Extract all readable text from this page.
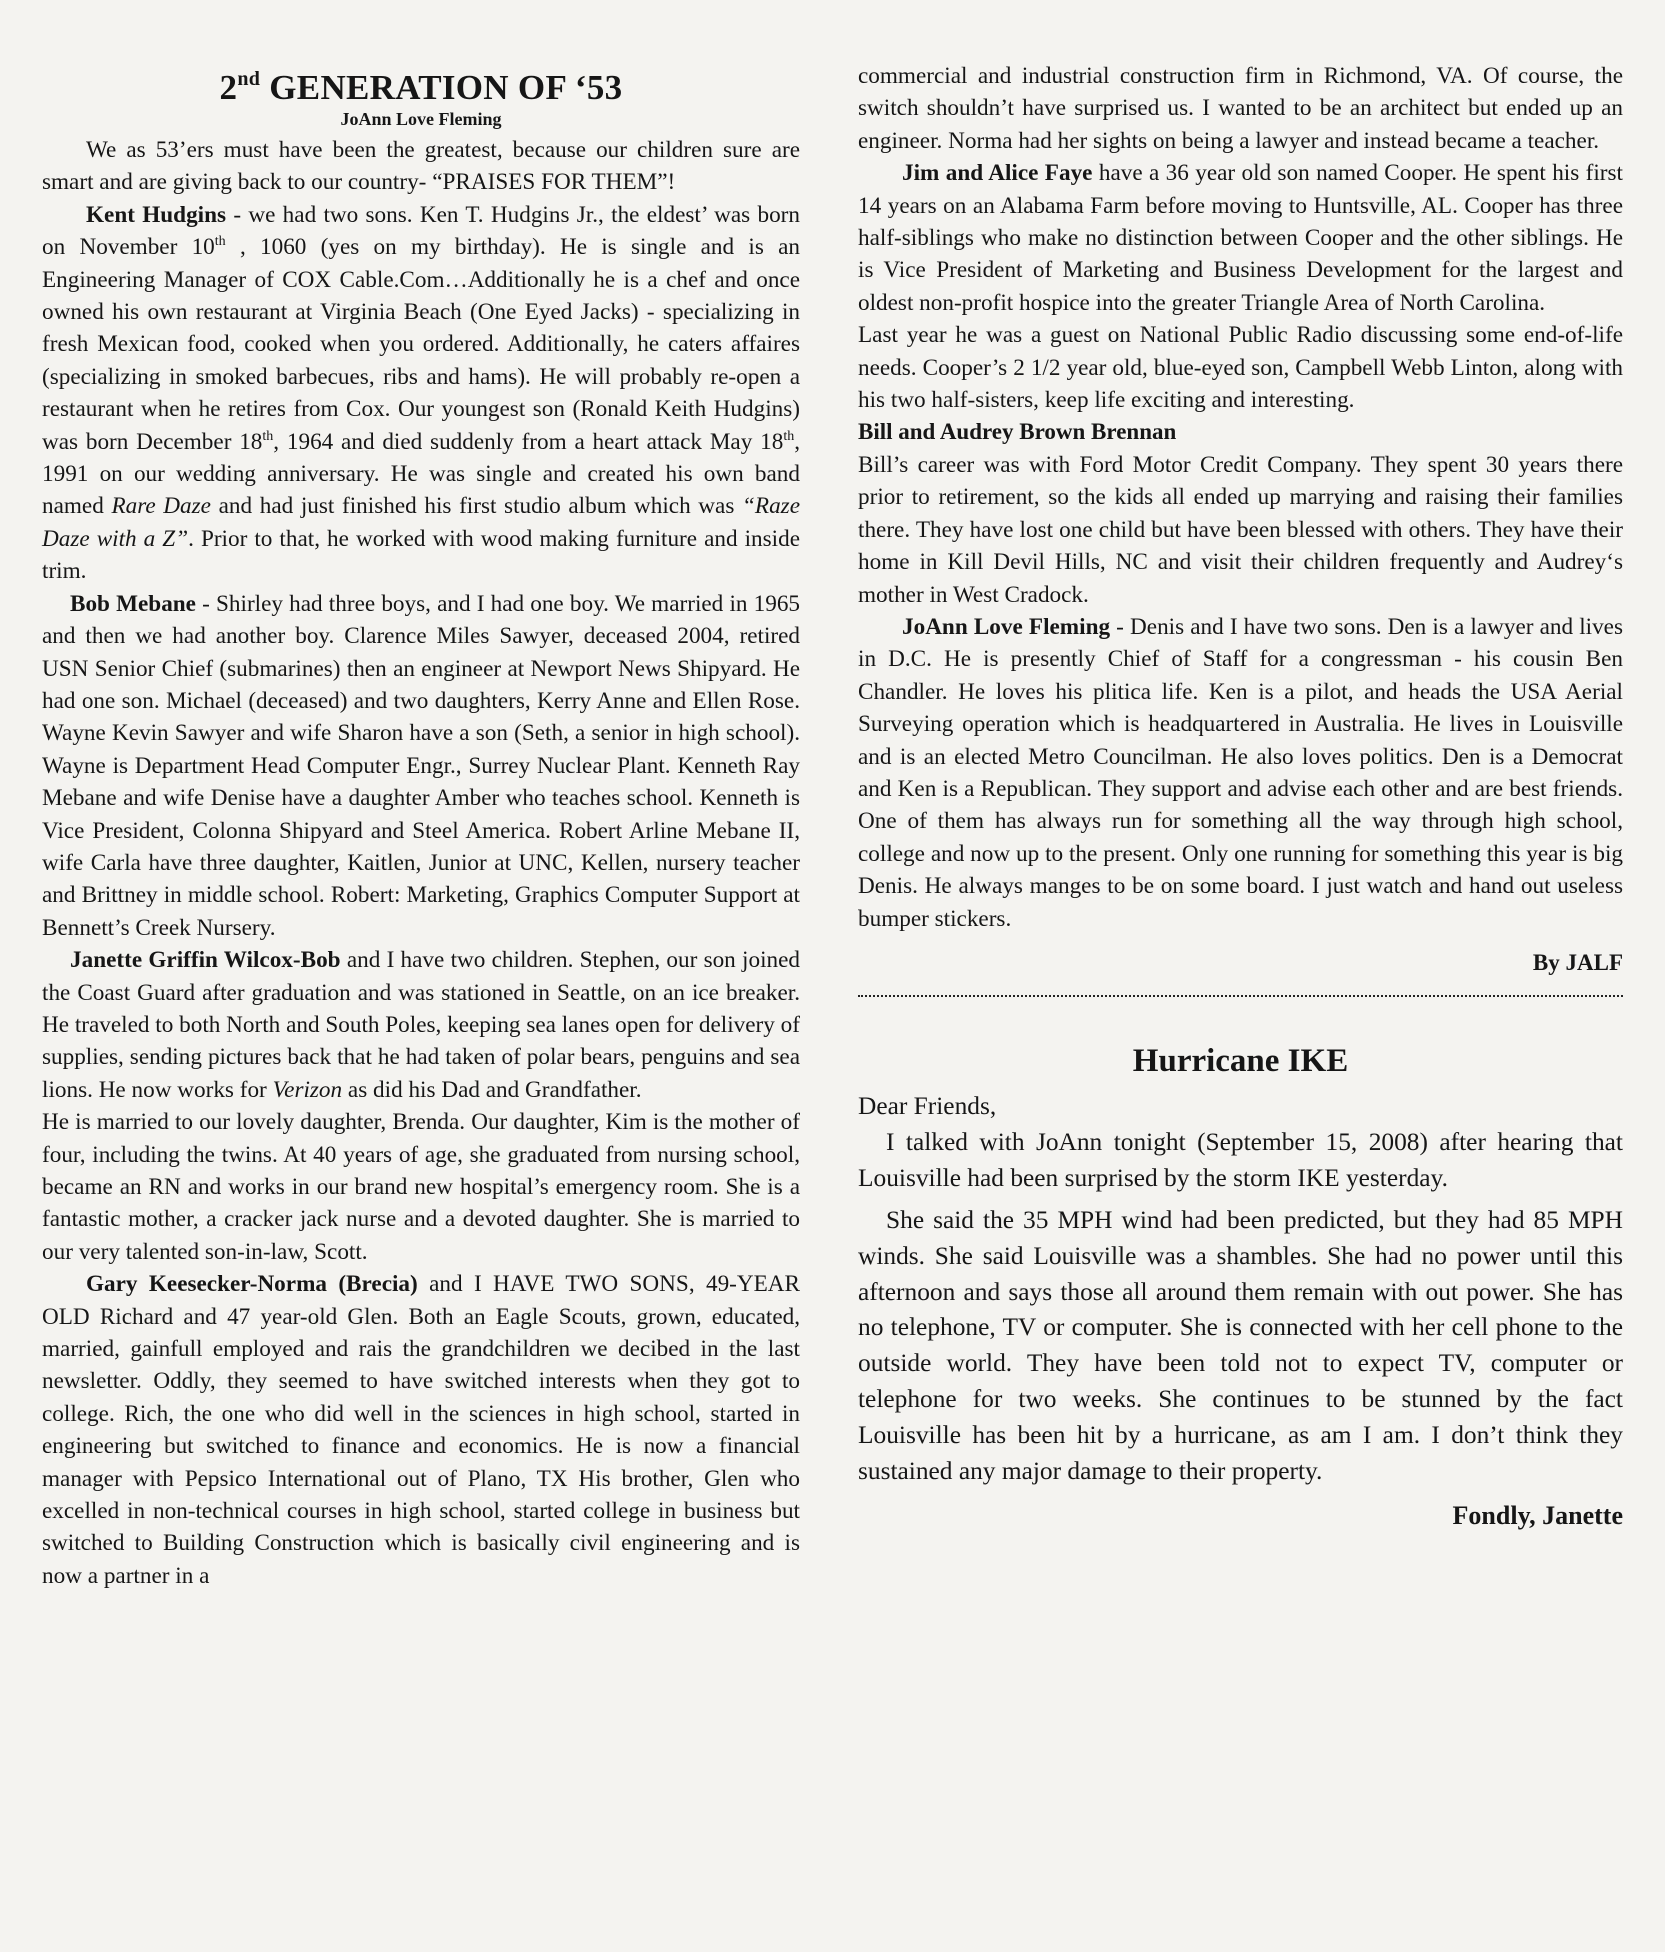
2nd GENERATION OF ‘53
JoAnn Love Fleming

We as 53’ers must have been the greatest, because our children sure are smart and are giving back to our country- “PRAISES FOR THEM”!

Kent Hudgins - we had two sons. Ken T. Hudgins Jr., the eldest’ was born on November 10th , 1060 (yes on my birthday). He is single and is an Engineering Manager of COX Cable.Com…Additionally he is a chef and once owned his own restaurant at Virginia Beach (One Eyed Jacks) - specializing in fresh Mexican food, cooked when you ordered. Additionally, he caters affaires (specializing in smoked barbecues, ribs and hams). He will probably re-open a restaurant when he retires from Cox. Our youngest son (Ronald Keith Hudgins) was born December 18th, 1964 and died suddenly from a heart attack May 18th, 1991 on our wedding anniversary. He was single and created his own band named Rare Daze and had just finished his first studio album which was “Raze Daze with a Z”. Prior to that, he worked with wood making furniture and inside trim.

Bob Mebane - Shirley had three boys, and I had one boy. We married in 1965 and then we had another boy. Clarence Miles Sawyer, deceased 2004, retired USN Senior Chief (submarines) then an engineer at Newport News Shipyard. He had one son. Michael (deceased) and two daughters, Kerry Anne and Ellen Rose. Wayne Kevin Sawyer and wife Sharon have a son (Seth, a senior in high school). Wayne is Department Head Computer Engr., Surrey Nuclear Plant. Kenneth Ray Mebane and wife Denise have a daughter Amber who teaches school. Kenneth is Vice President, Colonna Shipyard and Steel America. Robert Arline Mebane II, wife Carla have three daughter, Kaitlen, Junior at UNC, Kellen, nursery teacher and Brittney in middle school. Robert: Marketing, Graphics Computer Support at Bennett’s Creek Nursery.

Janette Griffin Wilcox-Bob and I have two children. Stephen, our son joined the Coast Guard after graduation and was stationed in Seattle, on an ice breaker. He traveled to both North and South Poles, keeping sea lanes open for delivery of supplies, sending pictures back that he had taken of polar bears, penguins and sea lions. He now works for Verizon as did his Dad and Grandfather.

He is married to our lovely daughter, Brenda. Our daughter, Kim is the mother of four, including the twins. At 40 years of age, she graduated from nursing school, became an RN and works in our brand new hospital’s emergency room. She is a fantastic mother, a cracker jack nurse and a devoted daughter. She is married to our very talented son-in-law, Scott.

Gary Keesecker-Norma (Brecia) and I HAVE TWO SONS, 49-YEAR OLD Richard and 47 year-old Glen. Both an Eagle Scouts, grown, educated, married, gainfull employed and rais the grandchildren we decibed in the last newsletter. Oddly, they seemed to have switched interests when they got to college. Rich, the one who did well in the sciences in high school, started in engineering but switched to finance and economics. He is now a financial manager with Pepsico International out of Plano, TX His brother, Glen who excelled in non-technical courses in high school, started college in business but switched to Building Construction which is basically civil engineering and is now a partner in a

commercial and industrial construction firm in Richmond, VA. Of course, the switch shouldn’t have surprised us. I wanted to be an architect but ended up an engineer. Norma had her sights on being a lawyer and instead became a teacher.

Jim and Alice Faye have a 36 year old son named Cooper. He spent his first 14 years on an Alabama Farm before moving to Huntsville, AL. Cooper has three half-siblings who make no distinction between Cooper and the other siblings. He is Vice President of Marketing and Business Development for the largest and oldest non-profit hospice into the greater Triangle Area of North Carolina.

Last year he was a guest on National Public Radio discussing some end-of-life needs. Cooper’s 2 1/2 year old, blue-eyed son, Campbell Webb Linton, along with his two half-sisters, keep life exciting and interesting.

Bill and Audrey Brown Brennan

Bill’s career was with Ford Motor Credit Company. They spent 30 years there prior to retirement, so the kids all ended up marrying and raising their families there. They have lost one child but have been blessed with others. They have their home in Kill Devil Hills, NC and visit their children frequently and Audrey‘s mother in West Cradock.

JoAnn Love Fleming - Denis and I have two sons. Den is a lawyer and lives in D.C. He is presently Chief of Staff for a congressman - his cousin Ben Chandler. He loves his plitica life. Ken is a pilot, and heads the USA Aerial Surveying operation which is headquartered in Australia. He lives in Louisville and is an elected Metro Councilman. He also loves politics. Den is a Democrat and Ken is a Republican. They support and advise each other and are best friends. One of them has always run for something all the way through high school, college and now up to the present. Only one running for something this year is big Denis. He always manges to be on some board. I just watch and hand out useless bumper stickers.

By JALF
Hurricane IKE

Dear Friends,

I talked with JoAnn tonight (September 15, 2008) after hearing that Louisville had been surprised by the storm IKE yesterday.

She said the 35 MPH wind had been predicted, but they had 85 MPH winds. She said Louisville was a shambles. She had no power until this afternoon and says those all around them remain with out power. She has no telephone, TV or computer. She is connected with her cell phone to the outside world. They have been told not to expect TV, computer or telephone for two weeks. She continues to be stunned by the fact Louisville has been hit by a hurricane, as am I am. I don’t think they sustained any major damage to their property.

Fondly, Janette
